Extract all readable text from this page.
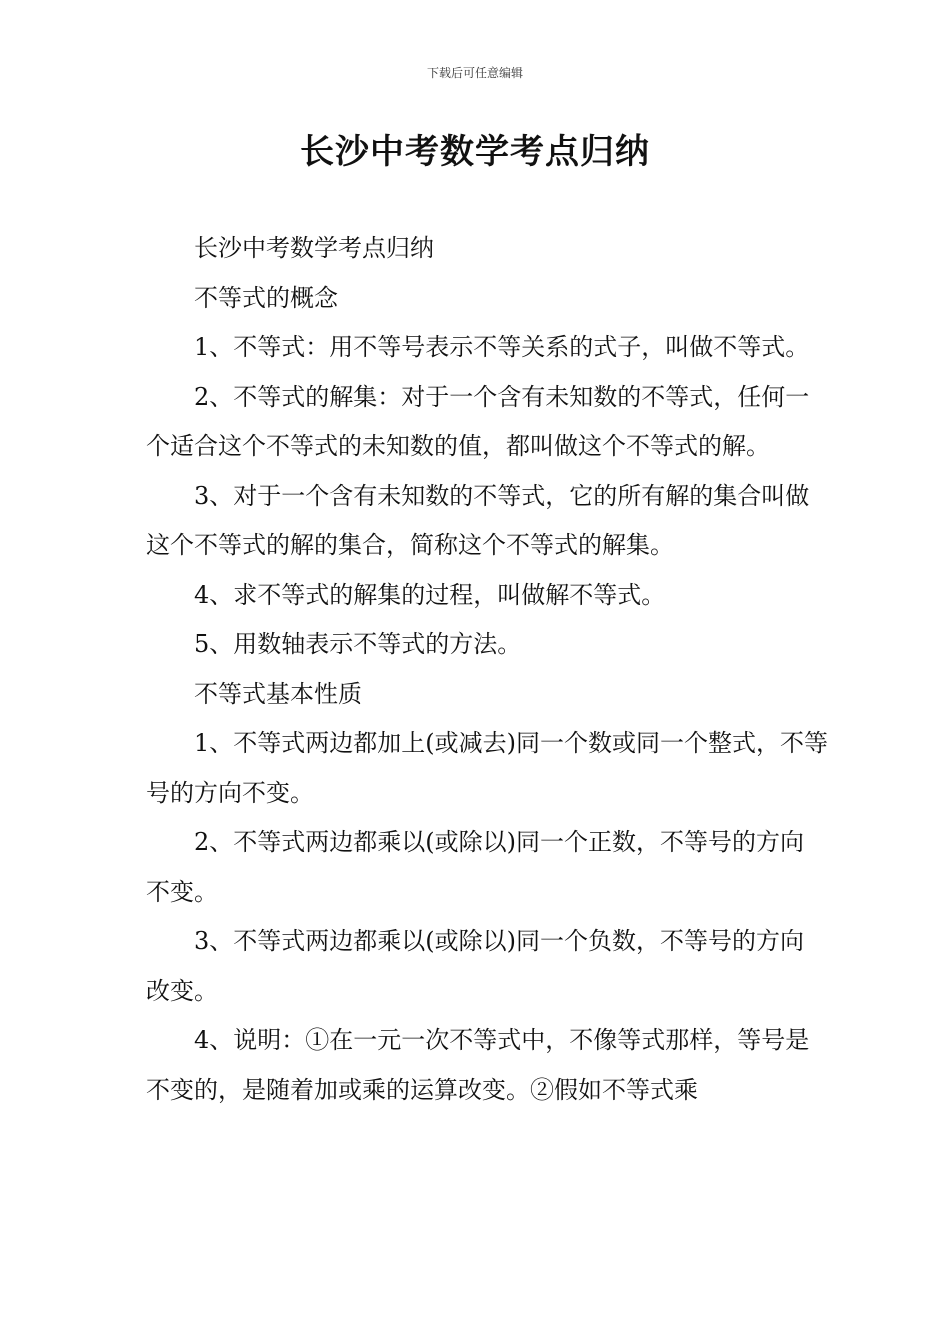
下载后可任意编辑
长沙中考数学考点归纳

长沙中考数学考点归纳

不等式的概念

1、不等式：用不等号表示不等关系的式子，叫做不等式。

2、不等式的解集：对于一个含有未知数的不等式，任何一个适合这个不等式的未知数的值，都叫做这个不等式的解。

3、对于一个含有未知数的不等式，它的所有解的集合叫做这个不等式的解的集合，简称这个不等式的解集。

4、求不等式的解集的过程，叫做解不等式。

5、用数轴表示不等式的方法。

不等式基本性质

1、不等式两边都加上(或减去)同一个数或同一个整式，不等号的方向不变。

2、不等式两边都乘以(或除以)同一个正数，不等号的方向不变。

3、不等式两边都乘以(或除以)同一个负数，不等号的方向改变。

4、说明：①在一元一次不等式中，不像等式那样，等号是不变的，是随着加或乘的运算改变。②假如不等式乘
